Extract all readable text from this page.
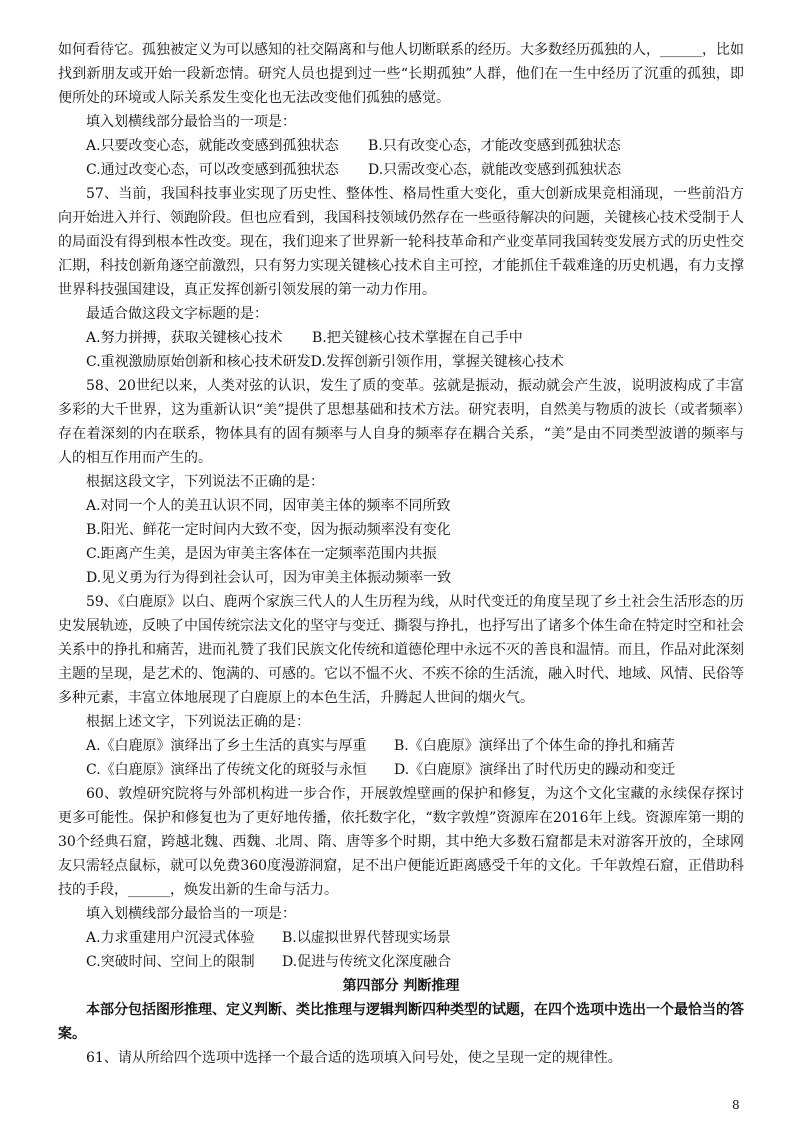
如何看待它。孤独被定义为可以感知的社交隔离和与他人切断联系的经历。大多数经历孤独的人，______，比如找到新朋友或开始一段新恋情。研究人员也提到过一些“长期孤独”人群，他们在一生中经历了沉重的孤独，即便所处的环境或人际关系发生变化也无法改变他们孤独的感觉。

填入划横线部分最恰当的一项是：

A.只要改变心态，就能改变感到孤独状态	B.只有改变心态，才能改变感到孤独状态
C.通过改变心态，可以改变感到孤独状态	D.只需改变心态，就能改变感到孤独状态

57、当前，我国科技事业实现了历史性、整体性、格局性重大变化，重大创新成果竞相涌现，一些前沿方向开始进入并行、领跑阶段。但也应看到，我国科技领域仍然存在一些亟待解决的问题，关键核心技术受制于人的局面没有得到根本性改变。现在，我们迎来了世界新一轮科技革命和产业变革同我国转变发展方式的历史性交汇期，科技创新角逐空前激烈，只有努力实现关键核心技术自主可控，才能抓住千载难逢的历史机遇，有力支撑世界科技强国建设，真正发挥创新引领发展的第一动力作用。

最适合做这段文字标题的是：

A.努力拼搏，获取关键核心技术	B.把关键核心技术掌握在自己手中
C.重视激励原始创新和核心技术研发 D.发挥创新引领作用，掌握关键核心技术

58、20世纪以来，人类对弦的认识，发生了质的变革。弦就是振动，振动就会产生波，说明波构成了丰富多彩的大千世界，这为重新认识“美”提供了思想基础和技术方法。研究表明，自然美与物质的波长（或者频率）存在着深刻的内在联系，物体具有的固有频率与人自身的频率存在耦合关系，“美”是由不同类型波谱的频率与人的相互作用而产生的。

根据这段文字，下列说法不正确的是：

A.对同一个人的美丑认识不同，因审美主体的频率不同所致

B.阳光、鲜花一定时间内大致不变，因为振动频率没有变化

C.距离产生美，是因为审美主客体在一定频率范围内共振

D.见义勇为行为得到社会认可，因为审美主体振动频率一致

59、《白鹿原》以白、鹿两个家族三代人的人生历程为线，从时代变迁的角度呈现了乡土社会生活形态的历史发展轨迹，反映了中国传统宗法文化的坚守与变迁、撕裂与挣扎，也抒写出了诸多个体生命在特定时空和社会关系中的挣扎和痛苦，进而礼赞了我们民族文化传统和道德伦理中永远不灭的善良和温情。而且，作品对此深刻主题的呈现，是艺术的、饱满的、可感的。它以不愠不火、不疾不徐的生活流，融入时代、地域、风情、民俗等多种元素，丰富立体地展现了白鹿原上的本色生活，升腾起人世间的烟火气。

根据上述文字，下列说法正确的是：

A.《白鹿原》演绎出了乡土生活的真实与厚重	B.《白鹿原》演绎出了个体生命的挣扎和痛苦
C.《白鹿原》演绎出了传统文化的斑驳与永恒	D.《白鹿原》演绎出了时代历史的躁动和变迁

60、敦煌研究院将与外部机构进一步合作，开展敦煌壁画的保护和修复，为这个文化宝藏的永续保存探讨更多可能性。保护和修复也为了更好地传播，依托数字化，“数字敦煌”资源库在2016年上线。资源库第一期的30个经典石窟，跨越北魏、西魏、北周、隋、唐等多个时期，其中绝大多数石窟都是未对游客开放的，全球网友只需轻点鼠标，就可以免费360度漫游洞窟，足不出户便能近距离感受千年的文化。千年敦煌石窟，正借助科技的手段，______，焕发出新的生命与活力。

填入划横线部分最恰当的一项是：

A.力求重建用户沉浸式体验	B.以虚拟世界代替现实场景
C.突破时间、空间上的限制	D.促进与传统文化深度融合

第四部分 判断推理

本部分包括图形推理、定义判断、类比推理与逻辑判断四种类型的试题，在四个选项中选出一个最恰当的答案。

61、请从所给四个选项中选择一个最合适的选项填入问号处，使之呈现一定的规律性。

8
